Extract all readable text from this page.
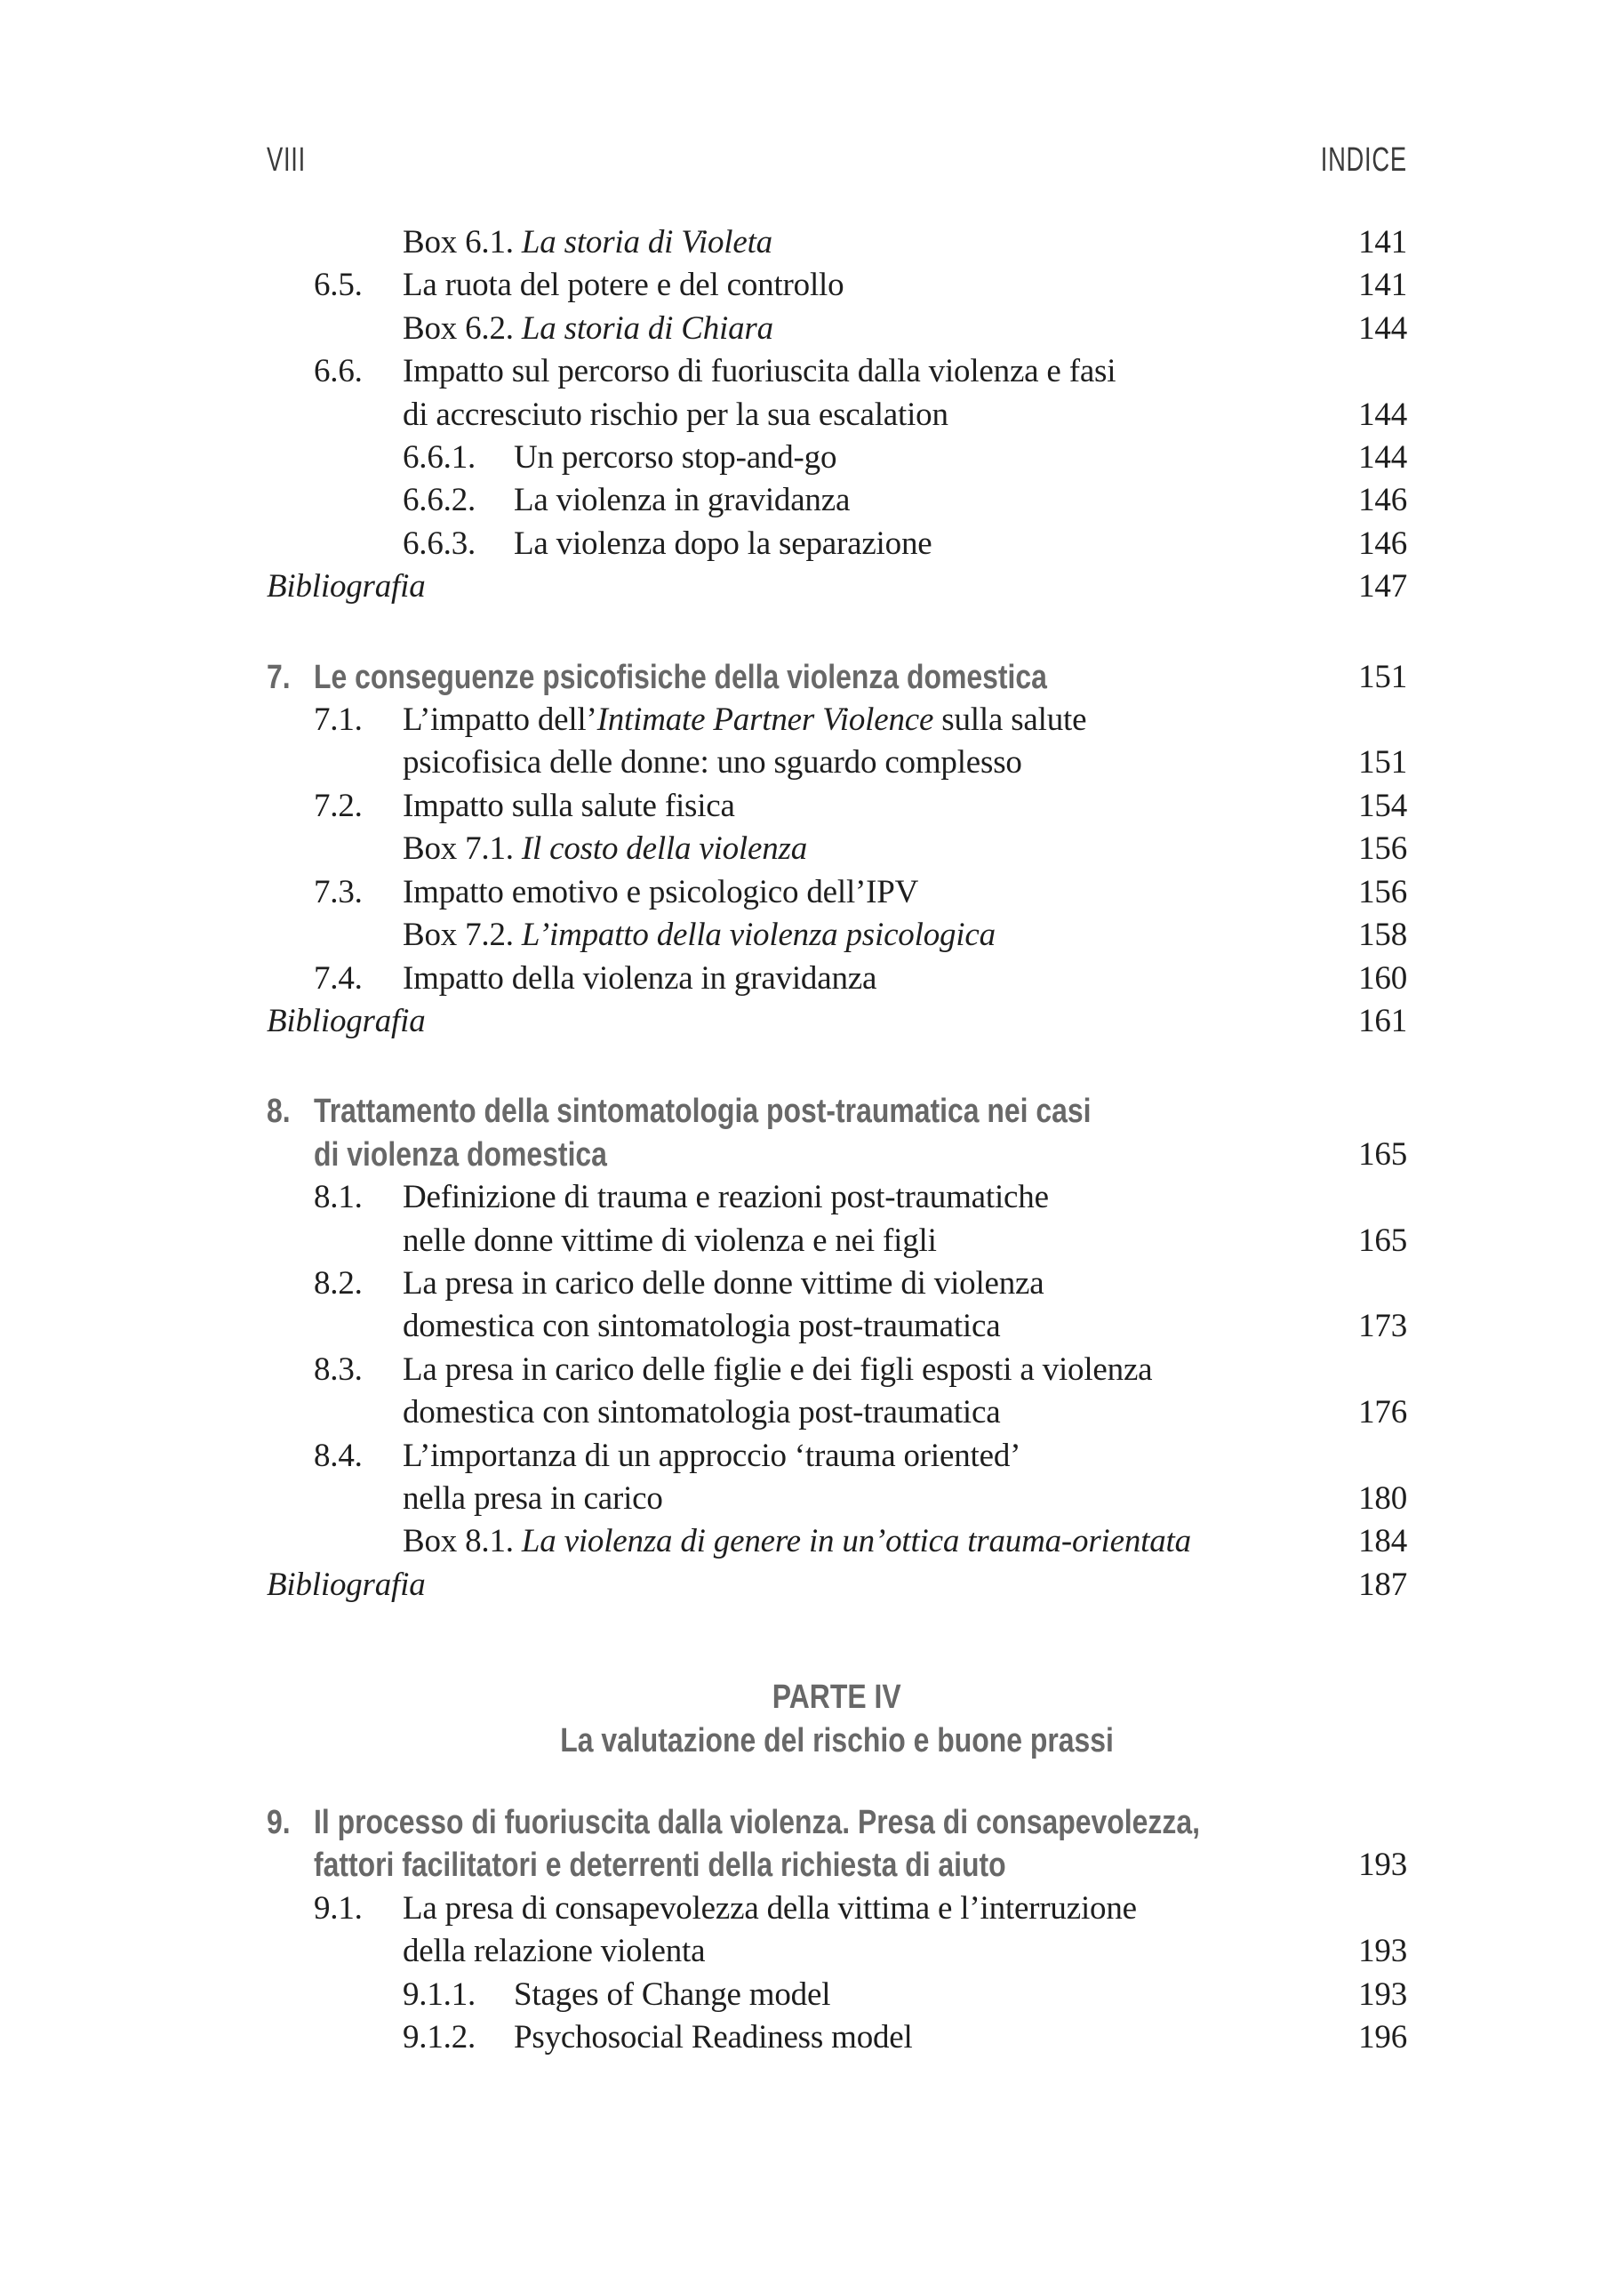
VIII	INDICE
Box 6.1. La storia di Violeta	141
6.5.	La ruota del potere e del controllo	141
Box 6.2. La storia di Chiara	144
6.6.	Impatto sul percorso di fuoriuscita dalla violenza e fasi
di accresciuto rischio per la sua escalation	144
6.6.1.	Un percorso stop-and-go	144
6.6.2.	La violenza in gravidanza	146
6.6.3.	La violenza dopo la separazione	146
Bibliografia	147
7. Le conseguenze psicofisiche della violenza domestica	151
7.1.	L’impatto dell’Intimate Partner Violence sulla salute
psicofisica delle donne: uno sguardo complesso	151
7.2.	Impatto sulla salute fisica	154
Box 7.1. Il costo della violenza	156
7.3.	Impatto emotivo e psicologico dell’IPV	156
Box 7.2. L’impatto della violenza psicologica	158
7.4.	Impatto della violenza in gravidanza	160
Bibliografia	161
8. Trattamento della sintomatologia post-traumatica nei casi
di violenza domestica	165
8.1.	Definizione di trauma e reazioni post-traumatiche
nelle donne vittime di violenza e nei figli	165
8.2.	La presa in carico delle donne vittime di violenza
domestica con sintomatologia post-traumatica	173
8.3.	La presa in carico delle figlie e dei figli esposti a violenza
domestica con sintomatologia post-traumatica	176
8.4.	L’importanza di un approccio ‘trauma oriented’
nella presa in carico	180
Box 8.1. La violenza di genere in un’ottica trauma-orientata	184
Bibliografia	187
PARTE IV
La valutazione del rischio e buone prassi
9. Il processo di fuoriuscita dalla violenza. Presa di consapevolezza,
fattori facilitatori e deterrenti della richiesta di aiuto	193
9.1.	La presa di consapevolezza della vittima e l’interruzione
della relazione violenta	193
9.1.1.	Stages of Change model	193
9.1.2.	Psychosocial Readiness model	196
